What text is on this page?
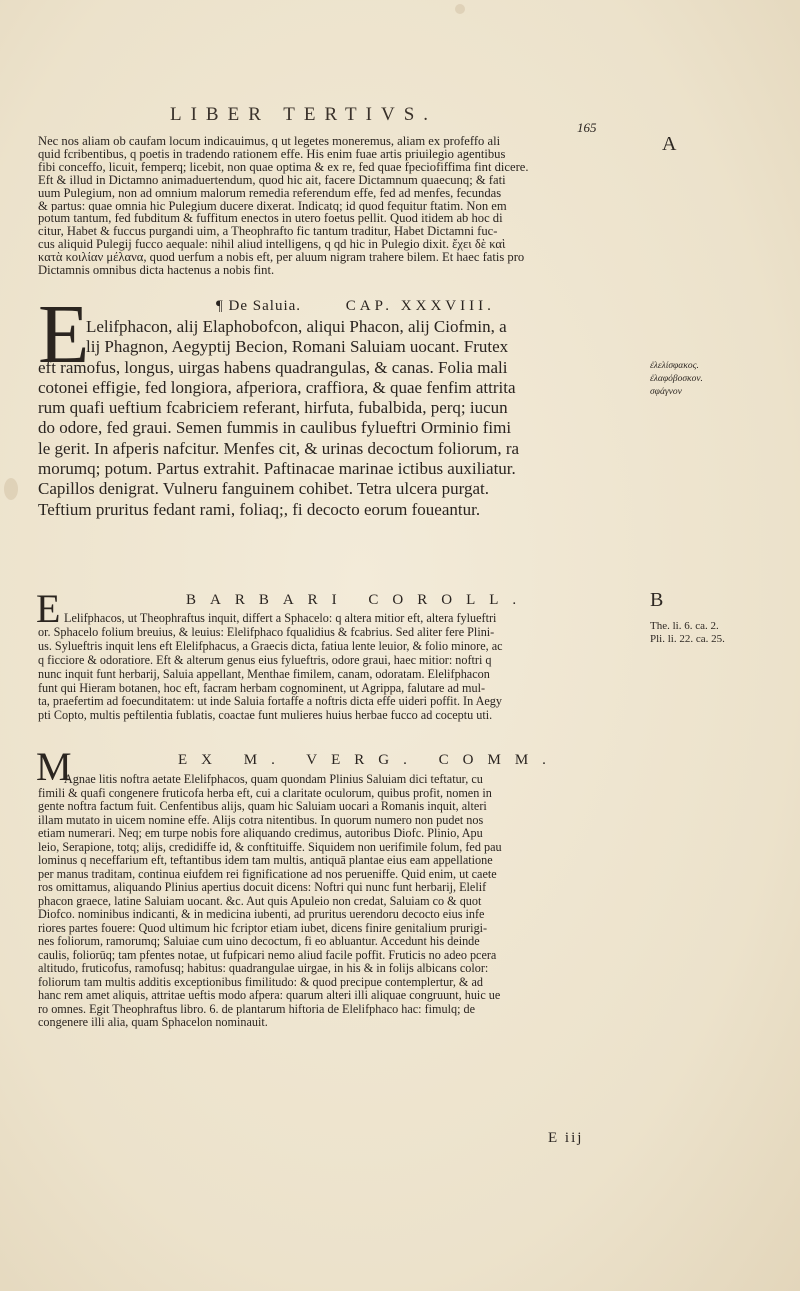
LIBER TERTIVS.
165
Nec nos aliam ob caufam locum indicauimus, q ut legetes moneremus, aliam ex profeffo ali
quid fcribentibus, q poetis in tradendo rationem effe. His enim fuae artis priuilegio agentibus
fibi conceffo, licuit, femperq; licebit, non quae optima & ex re, fed quae fpeciofiffima fint dicere.
Eft & illud in Dictamno animaduertendum, quod hic ait, facere Dictamnum quaecunq; & fati
uum Pulegium, non ad omnium malorum remedia referendum effe, fed ad menfes, fecundas
& partus: quae omnia hic Pulegium ducere dixerat. Indicatq; id quod fequitur ftatim. Non em
potum tantum, fed fubditum & fuffitum enectos in utero foetus pellit. Quod itidem ab hoc di
citur, Habet & fuccus purgandi uim, a Theophrafto fic tantum traditur, Habet Dictamni fuc-
cus aliquid Pulegij fucco aequale: nihil aliud intelligens, q qd hic in Pulegio dixit. ἔχει δὲ καὶ
κατὰ κοιλίαν μέλανα, quod uerfum a nobis eft, per aluum nigram trahere bilem. Et haec fatis pro
Dictamnis omnibus dicta hactenus a nobis fint.
E	¶ De Saluia.	CAP. XXXVIII.
Lelifphacon, alij Elaphobofcon, aliqui Phacon, alij Ciofmin, a
lij Phagnon, Aegyptij Becion, Romani Saluiam uocant. Frutex
eft ramofus, longus, uirgas habens quadrangulas, & canas. Folia mali
cotonei effigie, fed longiora, afperiora, craffiora, & quae fenfim attrita
rum quafi ueftium fcabriciem referant, hirfuta, fubalbida, perq; iucun
do odore, fed graui. Semen fummis in caulibus fylueftri Orminio fimi
le gerit. In afperis nafcitur. Menfes cit, & urinas decoctum foliorum, ra
morumq; potum. Partus extrahit. Paftinacae marinae ictibus auxiliatur.
Capillos denigrat. Vulneru fanguinem cohibet. Tetra ulcera purgat.
Teftium pruritus fedant rami, foliaq;, fi decocto eorum foueantur.
BARBARI COROLL.
E Lelifphacos, ut Theophraftus inquit, differt a Sphacelo: q altera mitior eft, altera fylueftri
or. Sphacelo folium breuius, & leuius: Elelifphaco fqualidius & fcabrius. Sed aliter fere Plini-
us. Sylueftris inquit lens eft Elelifphacus, a Graecis dicta, fatiua lente leuior, & folio minore, ac
q ficciore & odoratiore. Eft & alterum genus eius fylueftris, odore graui, haec mitior: noftri q
nunc inquit funt herbarij, Saluia appellant, Menthae fimilem, canam, odoratam. Elelifphacon
funt qui Hieram botanen, hoc eft, facram herbam cognominent, ut Agrippa, falutare ad mul-
ta, praefertim ad foecunditatem: ut inde Saluia fortaffe a noftris dicta effe uideri poffit. In Aegy
pti Copto, multis peftilentia fublatis, coactae funt mulieres huius herbae fucco ad coceptu uti.
EX M. VERG. COMM.
M
Agnae litis noftra aetate Elelifphacos, quam quondam Plinius Saluiam dici teftatur, cu
fimili & quafi congenere fruticofa herba eft, cui a claritate oculorum, quibus profit, nomen in
gente noftra factum fuit. Cenfentibus alijs, quam hic Saluiam uocari a Romanis inquit, alteri
illam mutato in uicem nomine effe. Alijs cotra nitentibus. In quorum numero non pudet nos
etiam numerari. Neq; em turpe nobis fore aliquando credimus, autoribus Diofc. Plinio, Apu
leio, Serapione, totq; alijs, credidiffe id, & conftituiffe. Siquidem non uerifimile folum, fed pau
lominus q neceffarium eft, teftantibus idem tam multis, antiquā plantae eius eam appellatione
per manus traditam, continua eiufdem rei fignificatione ad nos perueniffe. Quid enim, ut caete
ros omittamus, aliquando Plinius apertius docuit dicens: Noftri qui nunc funt herbarij, Elelif
phacon graece, latine Saluiam uocant. &c. Aut quis Apuleio non credat, Saluiam co & quot
Diofco. nominibus indicanti, & in medicina iubenti, ad pruritus uerendoru decocto eius infe
riores partes fouere: Quod ultimum hic fcriptor etiam iubet, dicens finire genitalium prurigi-
nes foliorum, ramorumq; Saluiae cum uino decoctum, fi eo abluantur. Accedunt his deinde
caulis, foliorūq; tam pfentes notae, ut fufpicari nemo aliud facile poffit. Fruticis no adeo pcera
altitudo, fruticofus, ramofusq; habitus: quadrangulae uirgae, in his & in folijs albicans color:
foliorum tam multis additis exceptionibus fimilitudo: & quod precipue contemplertur, & ad
hanc rem amet aliquis, attritae ueftis modo afpera: quarum alteri illi aliquae congruunt, huic ue
ro omnes. Egit Theophraftus libro. 6. de plantarum hiftoria de Elelifphaco hac: fimulq; de
congenere illi alia, quam Sphacelon nominauit.
E iij
A
ἐλελίσφακος.
ἐλαφόβοσκον.
σφάγνον
B
The. li. 6. ca. 2.
Pli. li. 22. ca. 25.
